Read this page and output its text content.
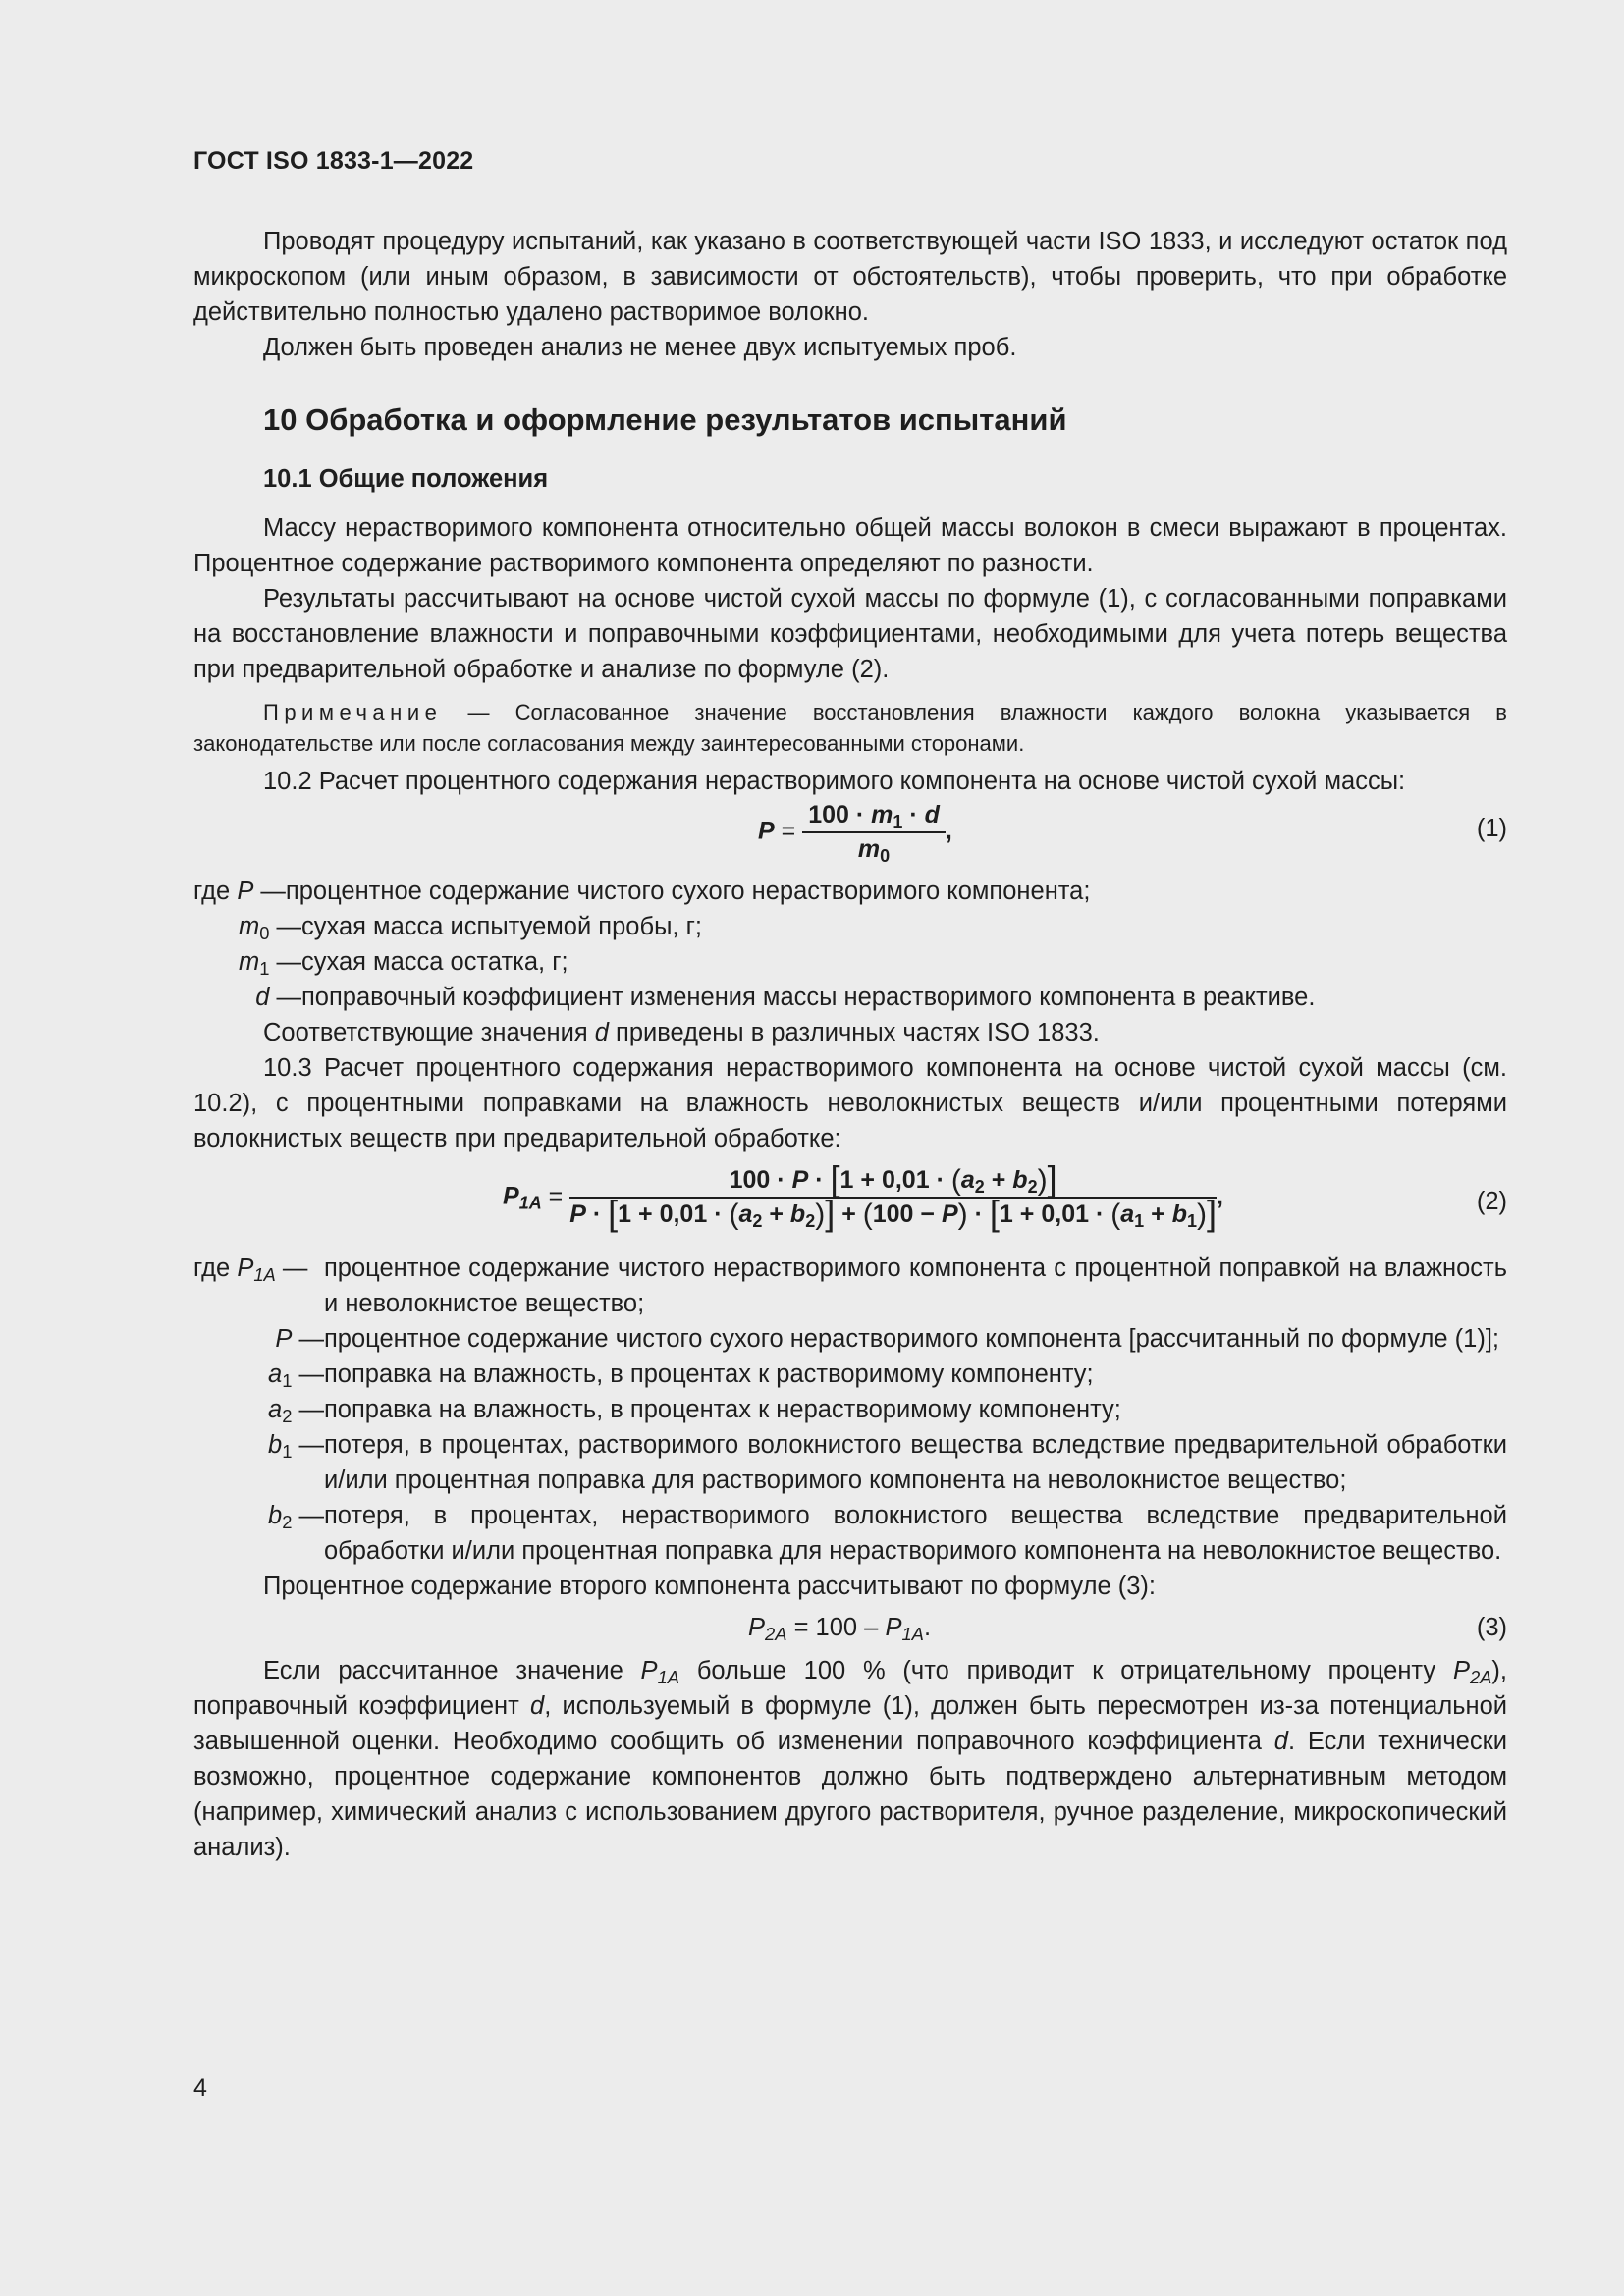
ГОСТ ISO 1833-1—2022

Проводят процедуру испытаний, как указано в соответствующей части ISO 1833, и исследуют остаток под микроскопом (или иным образом, в зависимости от обстоятельств), чтобы проверить, что при обработке действительно полностью удалено растворимое волокно.

Должен быть проведен анализ не менее двух испытуемых проб.

10 Обработка и оформление результатов испытаний
10.1 Общие положения

Массу нерастворимого компонента относительно общей массы волокон в смеси выражают в процентах. Процентное содержание растворимого компонента определяют по разности.

Результаты рассчитывают на основе чистой сухой массы по формуле (1), с согласованными поправками на восстановление влажности и поправочными коэффициентами, необходимыми для учета потерь вещества при предварительной обработке и анализе по формуле (2).

Примечание — Согласованное значение восстановления влажности каждого волокна указывается в законодательстве или после согласования между заинтересованными сторонами.

10.2 Расчет процентного содержания нерастворимого компонента на основе чистой сухой массы:

$P = \frac{100 \cdot m_1 \cdot d}{m_0}$ ,	(1)
где P — процентное содержание чистого сухого нерастворимого компонента;
$m_0$ — сухая масса испытуемой пробы, г;
$m_1$ — сухая масса остатка, г;
d — поправочный коэффициент изменения массы нерастворимого компонента в реактиве.

Соответствующие значения d приведены в различных частях ISO 1833.

10.3 Расчет процентного содержания нерастворимого компонента на основе чистой сухой массы (см. 10.2), с процентными поправками на влажность неволокнистых веществ и/или процентными потерями волокнистых веществ при предварительной обработке:

$P_{1A}$ =
$100 \cdot P \cdot [1 + 0,01 \cdot (a_2 + b_2)]$
$P \cdot [1 + 0,01 \cdot (a_2 + b_2)] + (100 - P) \cdot [1 + 0,01 \cdot (a_1 + b_1)]$ ,	(2)
где $P_{1A}$ — процентное содержание чистого нерастворимого компонента с процентной поправкой на влажность и неволокнистое вещество;
P — процентное содержание чистого сухого нерастворимого компонента [рассчитанный по формуле (1)];
$a_1$ — поправка на влажность, в процентах к растворимому компоненту;
$a_2$ — поправка на влажность, в процентах к нерастворимому компоненту;
$b_1$ — потеря, в процентах, растворимого волокнистого вещества вследствие предварительной обработки и/или процентная поправка для растворимого компонента на неволокнистое вещество;
$b_2$ — потеря, в процентах, нерастворимого волокнистого вещества вследствие предварительной обработки и/или процентная поправка для нерастворимого компонента на неволокнистое вещество.

Процентное содержание второго компонента рассчитывают по формуле (3):

$P_{2A} = 100 - P_{1A}$.	(3)

Если рассчитанное значение $P_{1A}$ больше 100 % (что приводит к отрицательному проценту $P_{2A}$), поправочный коэффициент d, используемый в формуле (1), должен быть пересмотрен из-за потенциальной завышенной оценки. Необходимо сообщить об изменении поправочного коэффициента d. Если технически возможно, процентное содержание компонентов должно быть подтверждено альтернативным методом (например, химический анализ с использованием другого растворителя, ручное разделение, микроскопический анализ).

4
